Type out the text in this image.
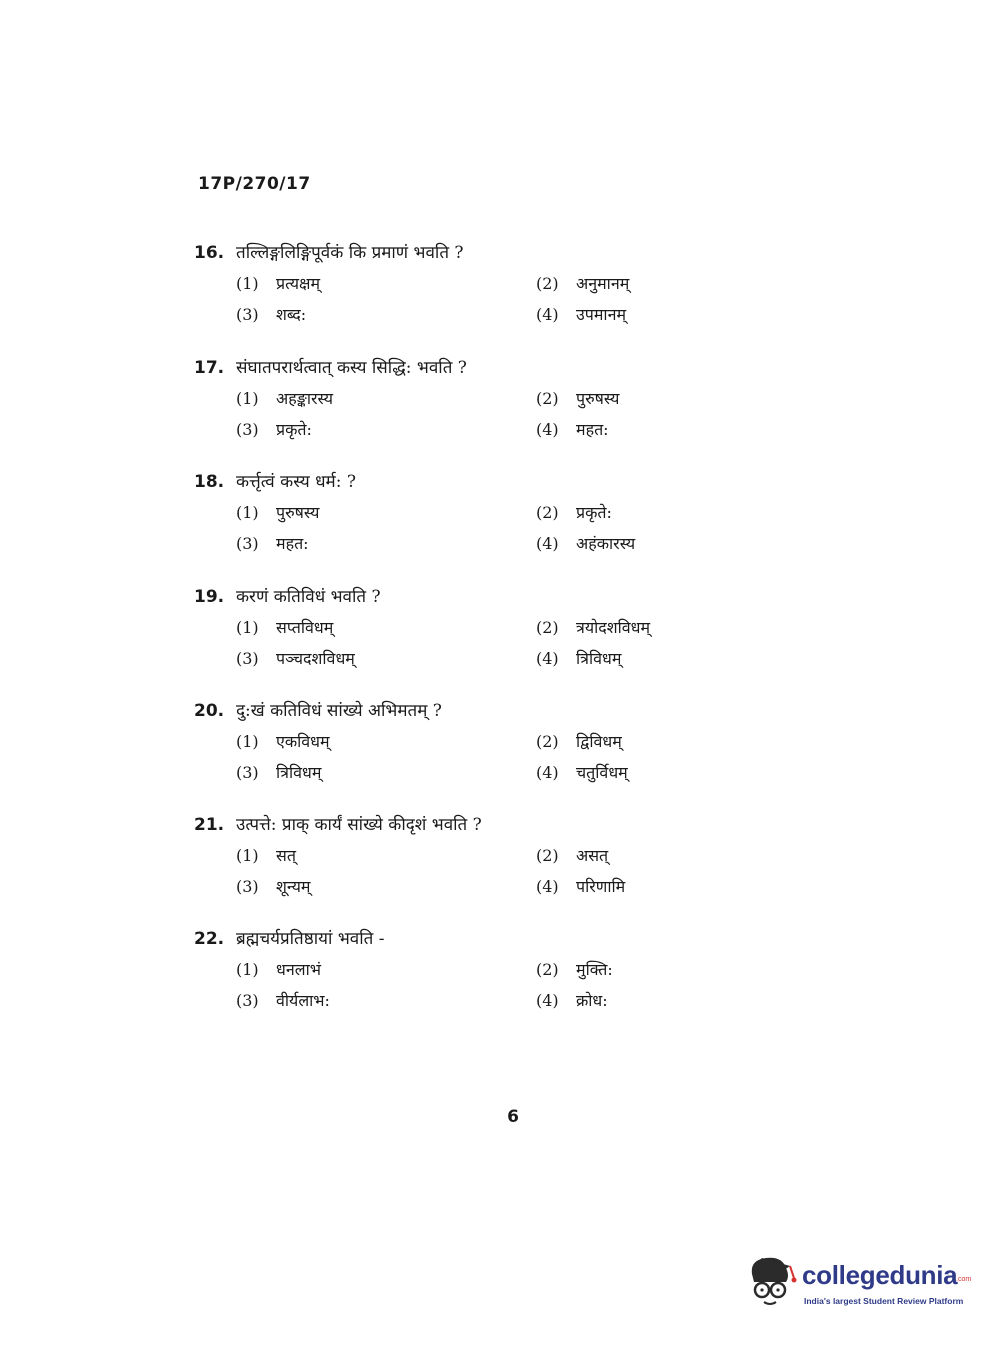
17P/270/17
16. तल्लिङ्गलिङ्गिपूर्वकं कि प्रमाणं भवति ?
(1) प्रत्यक्षम्	(2) अनुमानम्
(3) शब्द:	(4) उपमानम्
17. संघातपरार्थत्वात् कस्य सिद्धि: भवति ?
(1) अहङ्कारस्य	(2) पुरुषस्य
(3) प्रकृते:	(4) महत:
18. कर्त्तृत्वं कस्य धर्म: ?
(1) पुरुषस्य	(2) प्रकृते:
(3) महत:	(4) अहंकारस्य
19. करणं कतिविधं भवति ?
(1) सप्तविधम्	(2) त्रयोदशविधम्
(3) पञ्चदशविधम्	(4) त्रिविधम्
20. दु:खं कतिविधं सांख्ये अभिमतम् ?
(1) एकविधम्	(2) द्विविधम्
(3) त्रिविधम्	(4) चतुर्विधम्
21. उत्पत्ते: प्राक् कार्यं सांख्ये कीदृशं भवति ?
(1) सत्	(2) असत्
(3) शून्यम्	(4) परिणामि
22. ब्रह्मचर्यप्रतिष्ठायां भवति -
(1) धनलाभं	(2) मुक्ति:
(3) वीर्यलाभ:	(4) क्रोध:
6
collegedunia
.com
India's largest Student Review Platform
